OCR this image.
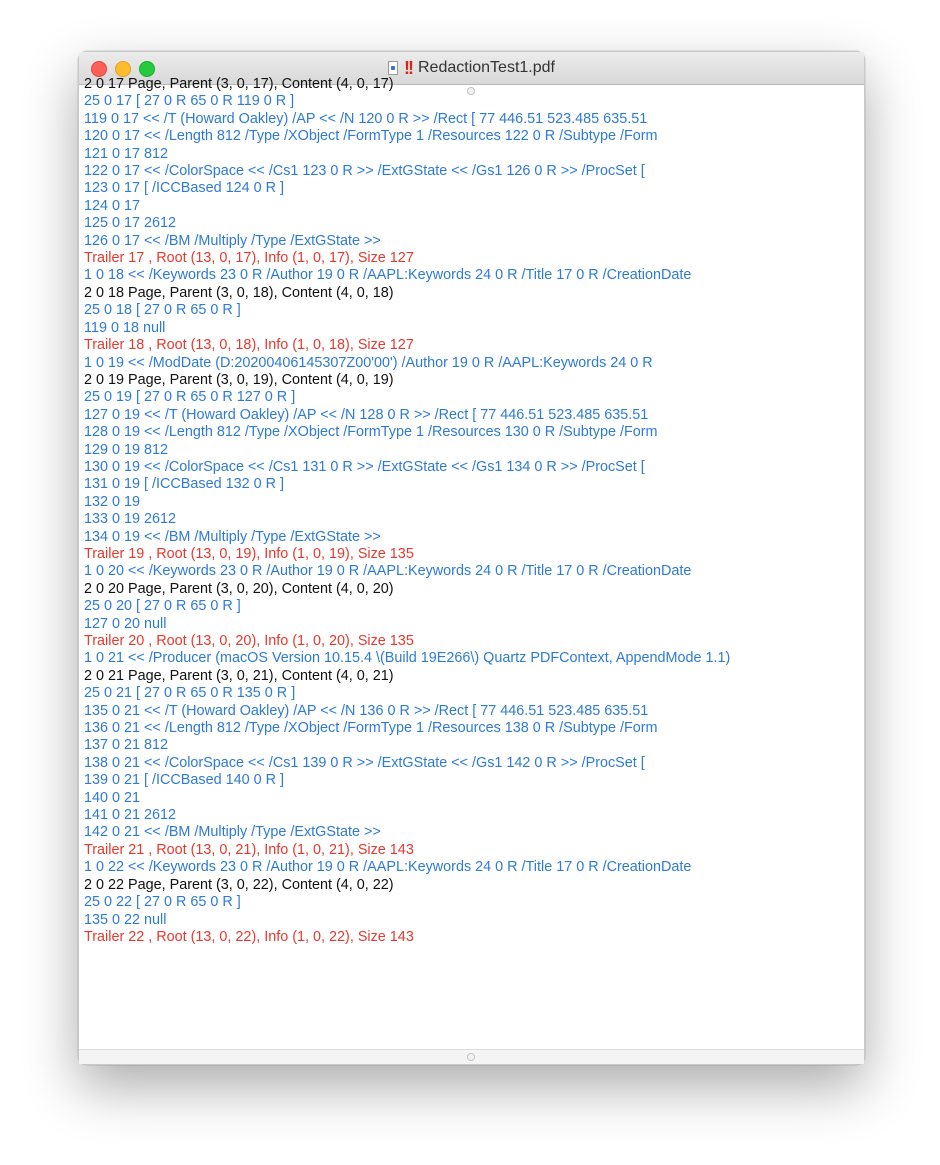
!! RedactionTest1.pdf
2 0 17 Page, Parent (3, 0, 17), Content (4, 0, 17)
25 0 17 [ 27 0 R 65 0 R 119 0 R ]
119 0 17 << /T (Howard Oakley) /AP << /N 120 0 R >> /Rect [ 77 446.51 523.485 635.51
120 0 17 << /Length 812 /Type /XObject /FormType 1 /Resources 122 0 R /Subtype /Form
121 0 17 812
122 0 17 << /ColorSpace << /Cs1 123 0 R >> /ExtGState << /Gs1 126 0 R >> /ProcSet [
123 0 17 [ /ICCBased 124 0 R ]
124 0 17
125 0 17 2612
126 0 17 << /BM /Multiply /Type /ExtGState >>
Trailer 17 , Root (13, 0, 17), Info (1, 0, 17), Size 127
1 0 18 << /Keywords 23 0 R /Author 19 0 R /AAPL:Keywords 24 0 R /Title 17 0 R /CreationDate
2 0 18 Page, Parent (3, 0, 18), Content (4, 0, 18)
25 0 18 [ 27 0 R 65 0 R ]
119 0 18 null
Trailer 18 , Root (13, 0, 18), Info (1, 0, 18), Size 127
1 0 19 << /ModDate (D:20200406145307Z00'00') /Author 19 0 R /AAPL:Keywords 24 0 R
2 0 19 Page, Parent (3, 0, 19), Content (4, 0, 19)
25 0 19 [ 27 0 R 65 0 R 127 0 R ]
127 0 19 << /T (Howard Oakley) /AP << /N 128 0 R >> /Rect [ 77 446.51 523.485 635.51
128 0 19 << /Length 812 /Type /XObject /FormType 1 /Resources 130 0 R /Subtype /Form
129 0 19 812
130 0 19 << /ColorSpace << /Cs1 131 0 R >> /ExtGState << /Gs1 134 0 R >> /ProcSet [
131 0 19 [ /ICCBased 132 0 R ]
132 0 19
133 0 19 2612
134 0 19 << /BM /Multiply /Type /ExtGState >>
Trailer 19 , Root (13, 0, 19), Info (1, 0, 19), Size 135
1 0 20 << /Keywords 23 0 R /Author 19 0 R /AAPL:Keywords 24 0 R /Title 17 0 R /CreationDate
2 0 20 Page, Parent (3, 0, 20), Content (4, 0, 20)
25 0 20 [ 27 0 R 65 0 R ]
127 0 20 null
Trailer 20 , Root (13, 0, 20), Info (1, 0, 20), Size 135
1 0 21 << /Producer (macOS Version 10.15.4 \(Build 19E266\) Quartz PDFContext, AppendMode 1.1)
2 0 21 Page, Parent (3, 0, 21), Content (4, 0, 21)
25 0 21 [ 27 0 R 65 0 R 135 0 R ]
135 0 21 << /T (Howard Oakley) /AP << /N 136 0 R >> /Rect [ 77 446.51 523.485 635.51
136 0 21 << /Length 812 /Type /XObject /FormType 1 /Resources 138 0 R /Subtype /Form
137 0 21 812
138 0 21 << /ColorSpace << /Cs1 139 0 R >> /ExtGState << /Gs1 142 0 R >> /ProcSet [
139 0 21 [ /ICCBased 140 0 R ]
140 0 21
141 0 21 2612
142 0 21 << /BM /Multiply /Type /ExtGState >>
Trailer 21 , Root (13, 0, 21), Info (1, 0, 21), Size 143
1 0 22 << /Keywords 23 0 R /Author 19 0 R /AAPL:Keywords 24 0 R /Title 17 0 R /CreationDate
2 0 22 Page, Parent (3, 0, 22), Content (4, 0, 22)
25 0 22 [ 27 0 R 65 0 R ]
135 0 22 null
Trailer 22 , Root (13, 0, 22), Info (1, 0, 22), Size 143
